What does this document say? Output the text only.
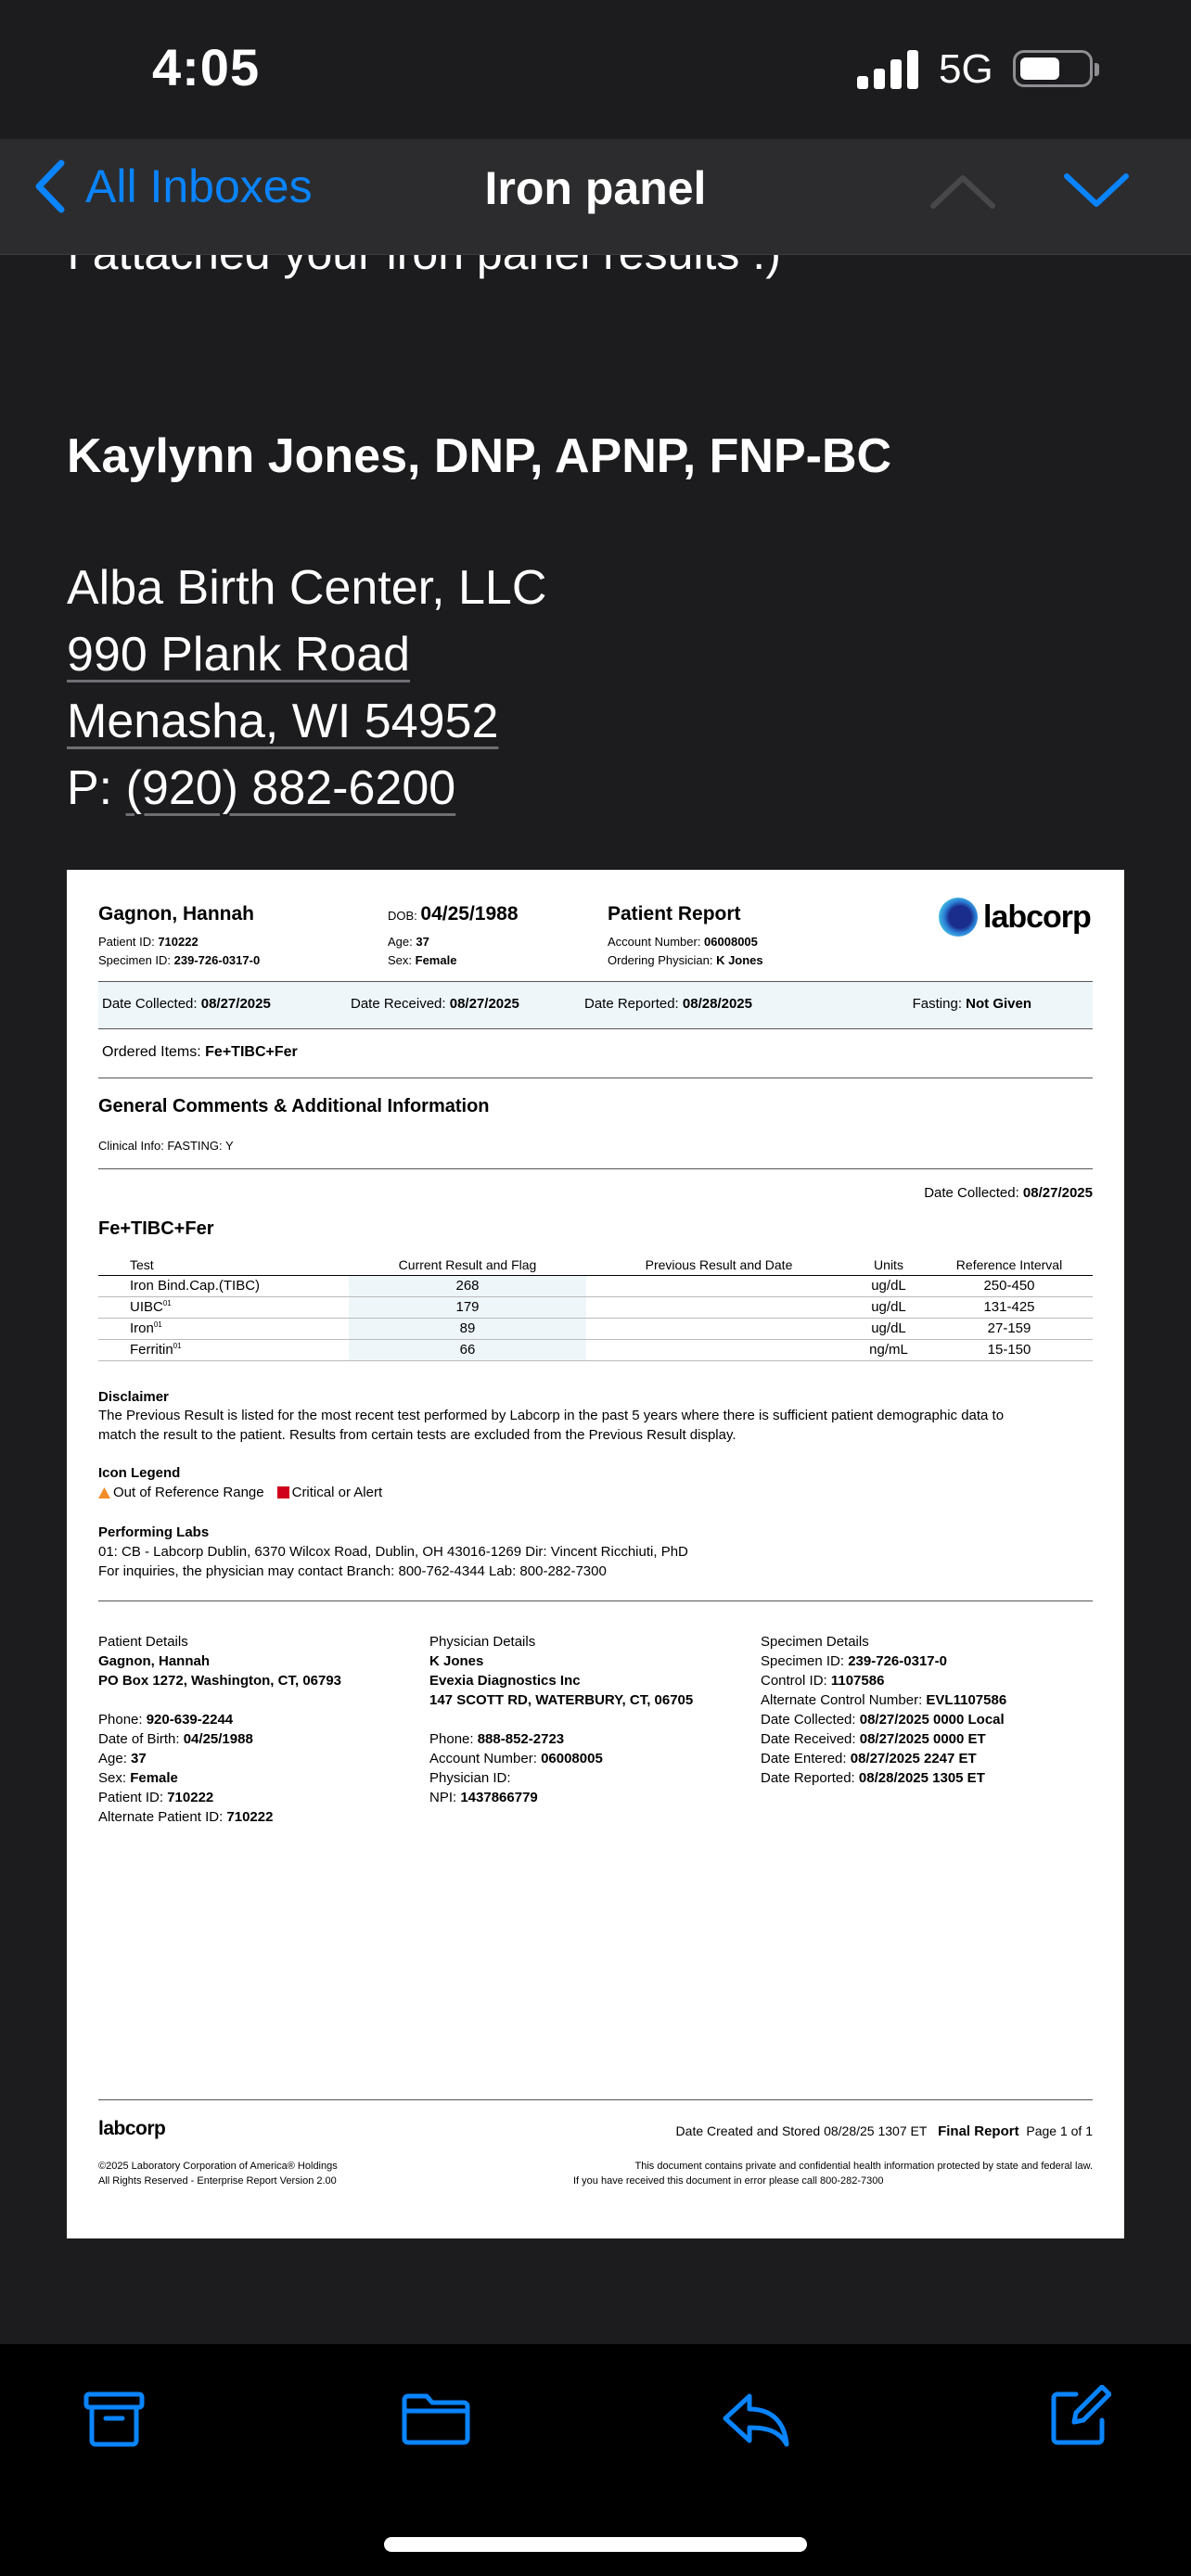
4:05	5G
All Inboxes	Iron panel
Kaylynn Jones, DNP, APNP, FNP-BC
Alba Birth Center, LLC
990 Plank Road
Menasha, WI 54952
P: (920) 882-6200
Gagnon, Hannah
Patient ID: 710222
Specimen ID: 239-726-0317-0
DOB: 04/25/1988
Age: 37
Sex: Female
Patient Report
Account Number: 06008005
Ordering Physician: K Jones
labcorp
Date Collected: 08/27/2025	Date Received: 08/27/2025	Date Reported: 08/28/2025	Fasting: Not Given
Ordered Items: Fe+TIBC+Fer
General Comments & Additional Information
Clinical Info: FASTING: Y
Date Collected: 08/27/2025
Fe+TIBC+Fer
Test	Current Result and Flag	Previous Result and Date	Units	Reference Interval
Iron Bind.Cap.(TIBC)	268		ug/dL	250-450
UIBC$^{01}$	179		ug/dL	131-425
Iron$^{01}$	89		ug/dL	27-159
Ferritin$^{01}$	66		ng/mL	15-150
Disclaimer
The Previous Result is listed for the most recent test performed by Labcorp in the past 5 years where there is sufficient patient demographic data to
match the result to the patient. Results from certain tests are excluded from the Previous Result display.
Icon Legend
Out of Reference Range Critical or Alert
Performing Labs
01: CB - Labcorp Dublin, 6370 Wilcox Road, Dublin, OH 43016-1269 Dir: Vincent Ricchiuti, PhD
For inquiries, the physician may contact Branch: 800-762-4344 Lab: 800-282-7300
Patient Details
Gagnon, Hannah
PO Box 1272, Washington, CT, 06793
Phone: 920-639-2244
Date of Birth: 04/25/1988
Age: 37
Sex: Female
Patient ID: 710222
Alternate Patient ID: 710222
Physician Details
K Jones
Evexia Diagnostics Inc
147 SCOTT RD, WATERBURY, CT, 06705
Phone: 888-852-2723
Account Number: 06008005
Physician ID:
NPI: 1437866779
Specimen Details
Specimen ID: 239-726-0317-0
Control ID: 1107586
Alternate Control Number: EVL1107586
Date Collected: 08/27/2025 0000 Local
Date Received: 08/27/2025 0000 ET
Date Entered: 08/27/2025 2247 ET
Date Reported: 08/28/2025 1305 ET
labcorp	Date Created and Stored 08/28/25 1307 ET Final Report Page 1 of 1
©2025 Laboratory Corporation of America® Holdings
All Rights Reserved - Enterprise Report Version 2.00
This document contains private and confidential health information protected by state and federal law.
If you have received this document in error please call 800-282-7300
